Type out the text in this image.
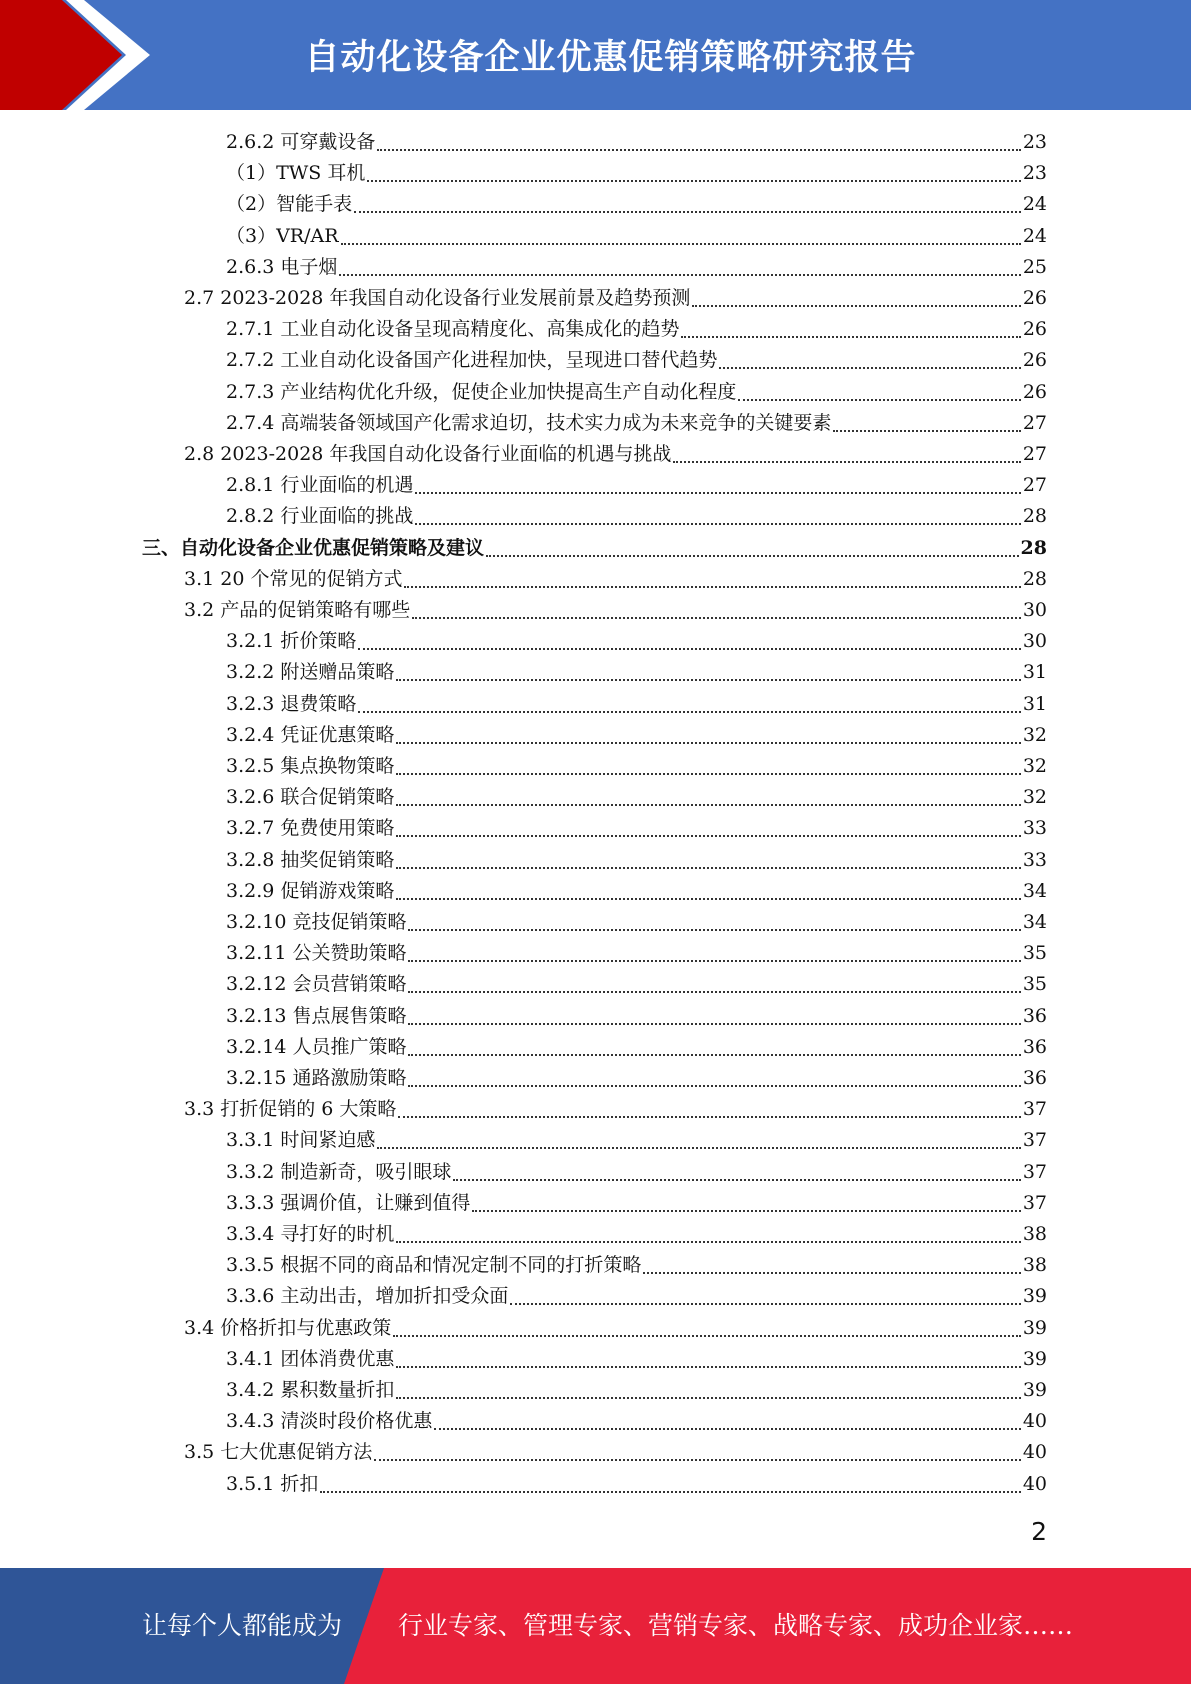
自动化设备企业优惠促销策略研究报告
2.6.2 可穿戴设备	23
（1）TWS 耳机	23
（2）智能手表	24
（3）VR/AR	24
2.6.3 电子烟	25
2.7 2023-2028 年我国自动化设备行业发展前景及趋势预测	26
2.7.1 工业自动化设备呈现高精度化、高集成化的趋势	26
2.7.2 工业自动化设备国产化进程加快，呈现进口替代趋势	26
2.7.3 产业结构优化升级，促使企业加快提高生产自动化程度	26
2.7.4 高端装备领域国产化需求迫切，技术实力成为未来竞争的关键要素	27
2.8 2023-2028 年我国自动化设备行业面临的机遇与挑战	27
2.8.1 行业面临的机遇	27
2.8.2 行业面临的挑战	28
三、自动化设备企业优惠促销策略及建议	28
3.1 20 个常见的促销方式	28
3.2 产品的促销策略有哪些	30
3.2.1 折价策略	30
3.2.2 附送赠品策略	31
3.2.3 退费策略	31
3.2.4 凭证优惠策略	32
3.2.5 集点换物策略	32
3.2.6 联合促销策略	32
3.2.7 免费使用策略	33
3.2.8 抽奖促销策略	33
3.2.9 促销游戏策略	34
3.2.10 竞技促销策略	34
3.2.11 公关赞助策略	35
3.2.12 会员营销策略	35
3.2.13 售点展售策略	36
3.2.14 人员推广策略	36
3.2.15 通路激励策略	36
3.3 打折促销的 6 大策略	37
3.3.1 时间紧迫感	37
3.3.2 制造新奇，吸引眼球	37
3.3.3 强调价值，让赚到值得	37
3.3.4 寻打好的时机	38
3.3.5 根据不同的商品和情况定制不同的打折策略	38
3.3.6 主动出击，增加折扣受众面	39
3.4 价格折扣与优惠政策	39
3.4.1 团体消费优惠	39
3.4.2 累积数量折扣	39
3.4.3 清淡时段价格优惠	40
3.5 七大优惠促销方法	40
3.5.1 折扣	40
2
让每个人都能成为 行业专家、管理专家、营销专家、战略专家、成功企业家……
